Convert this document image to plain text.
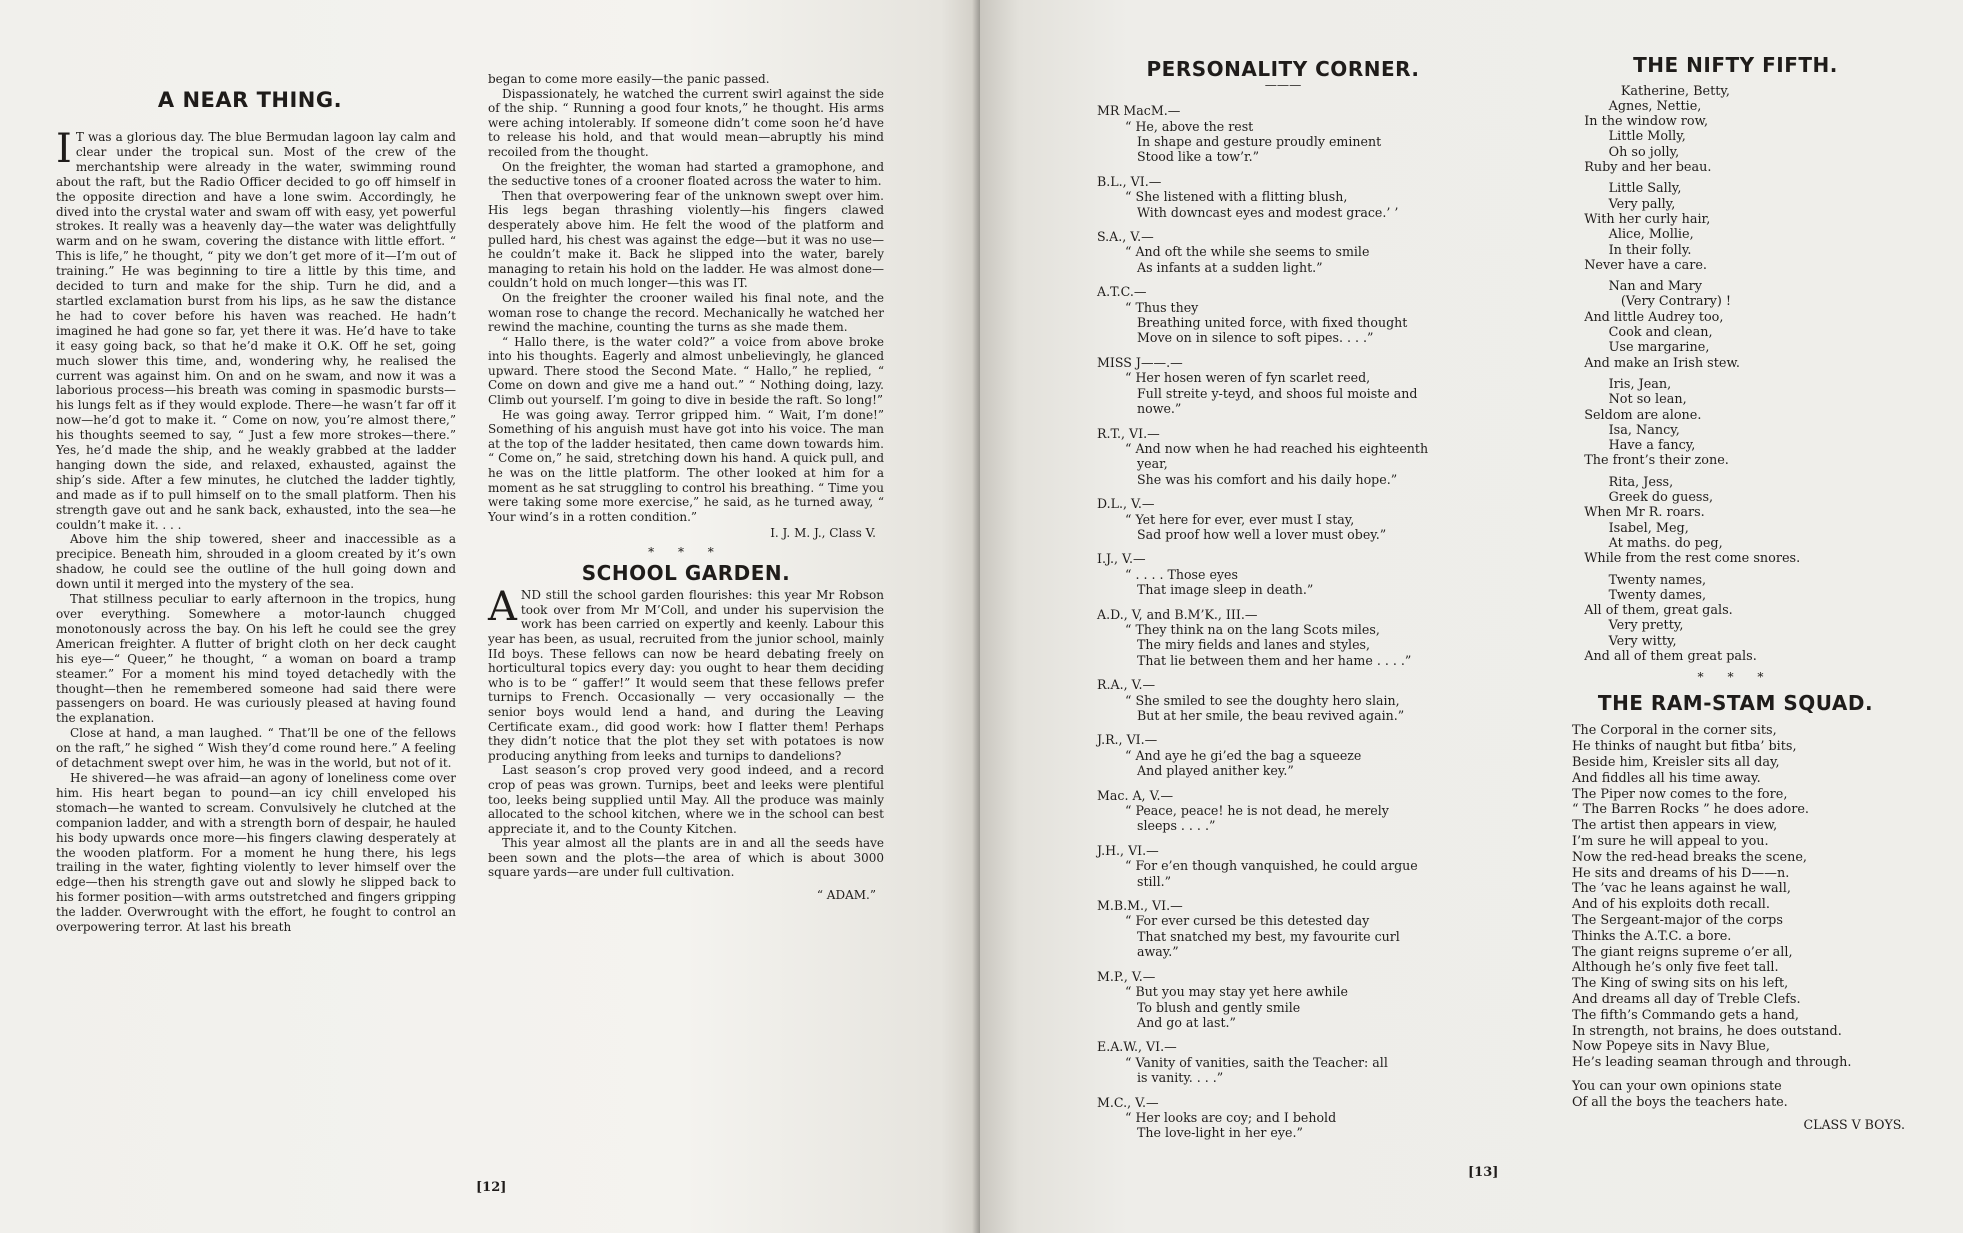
A NEAR THING.
I T was a glorious day. The blue Bermudan lagoon lay calm and clear under the tropical sun. Most of the crew of the merchantship were already in the water, swimming round about the raft, but the Radio Officer decided to go off himself in the opposite direction and have a lone swim. Accordingly, he dived into the crystal water and swam off with easy, yet powerful strokes. It really was a heavenly day—the water was delightfully warm and on he swam, covering the distance with little effort. “ This is life,” he thought, “ pity we don’t get more of it—I’m out of training.” He was beginning to tire a little by this time, and decided to turn and make for the ship. Turn he did, and a startled exclamation burst from his lips, as he saw the distance he had to cover before his haven was reached. He hadn’t imagined he had gone so far, yet there it was. He’d have to take it easy going back, so that he’d make it O.K. Off he set, going much slower this time, and, wondering why, he realised the current was against him. On and on he swam, and now it was a laborious process—his breath was coming in spasmodic bursts—his lungs felt as if they would explode. There—he wasn’t far off it now—he’d got to make it. “ Come on now, you’re almost there,” his thoughts seemed to say, “ Just a few more strokes—there.” Yes, he’d made the ship, and he weakly grabbed at the ladder hanging down the side, and relaxed, exhausted, against the ship’s side. After a few minutes, he clutched the ladder tightly, and made as if to pull himself on to the small platform. Then his strength gave out and he sank back, exhausted, into the sea—he couldn’t make it. . . .

Above him the ship towered, sheer and inaccessible as a precipice. Beneath him, shrouded in a gloom created by it’s own shadow, he could see the outline of the hull going down and down until it merged into the mystery of the sea.

That stillness peculiar to early afternoon in the tropics, hung over everything. Somewhere a motor-launch chugged monotonously across the bay. On his left he could see the grey American freighter. A flutter of bright cloth on her deck caught his eye—“ Queer,” he thought, “ a woman on board a tramp steamer.” For a moment his mind toyed detachedly with the thought—then he remembered someone had said there were passengers on board. He was curiously pleased at having found the explanation.

Close at hand, a man laughed. “ That’ll be one of the fellows on the raft,” he sighed “ Wish they’d come round here.” A feeling of detachment swept over him, he was in the world, but not of it.

He shivered—he was afraid—an agony of loneliness come over him. His heart began to pound—an icy chill enveloped his stomach—he wanted to scream. Convulsively he clutched at the companion ladder, and with a strength born of despair, he hauled his body upwards once more—his fingers clawing desperately at the wooden platform. For a moment he hung there, his legs trailing in the water, fighting violently to lever himself over the edge—then his strength gave out and slowly he slipped back to his former position—with arms outstretched and fingers gripping the ladder. Overwrought with the effort, he fought to control an overpowering terror. At last his breath

began to come more easily—the panic passed.

Dispassionately, he watched the current swirl against the side of the ship. “ Running a good four knots,” he thought. His arms were aching intolerably. If someone didn’t come soon he’d have to release his hold, and that would mean—abruptly his mind recoiled from the thought.

On the freighter, the woman had started a gramophone, and the seductive tones of a crooner floated across the water to him.

Then that overpowering fear of the unknown swept over him. His legs began thrashing violently—his fingers clawed desperately above him. He felt the wood of the platform and pulled hard, his chest was against the edge—but it was no use—he couldn’t make it. Back he slipped into the water, barely managing to retain his hold on the ladder. He was almost done—couldn’t hold on much longer—this was IT.

On the freighter the crooner wailed his final note, and the woman rose to change the record. Mechanically he watched her rewind the machine, counting the turns as she made them.

“ Hallo there, is the water cold?” a voice from above broke into his thoughts. Eagerly and almost unbelievingly, he glanced upward. There stood the Second Mate. “ Hallo,” he replied, “ Come on down and give me a hand out.” “ Nothing doing, lazy. Climb out yourself. I’m going to dive in beside the raft. So long!”

He was going away. Terror gripped him. “ Wait, I’m done!” Something of his anguish must have got into his voice. The man at the top of the ladder hesitated, then came down towards him. “ Come on,” he said, stretching down his hand. A quick pull, and he was on the little platform. The other looked at him for a moment as he sat struggling to control his breathing. “ Time you were taking some more exercise,” he said, as he turned away, “ Your wind’s in a rotten condition.”

I. J. M. J., Class V.
* * *
SCHOOL GARDEN.
A ND still the school garden flourishes: this year Mr Robson took over from Mr M’Coll, and under his supervision the work has been carried on expertly and keenly. Labour this year has been, as usual, recruited from the junior school, mainly IId boys. These fellows can now be heard debating freely on horticultural topics every day: you ought to hear them deciding who is to be “ gaffer!” It would seem that these fellows prefer turnips to French. Occasionally — very occasionally — the senior boys would lend a hand, and during the Leaving Certificate exam., did good work: how I flatter them! Perhaps they didn’t notice that the plot they set with potatoes is now producing anything from leeks and turnips to dandelions?

Last season’s crop proved very good indeed, and a record crop of peas was grown. Turnips, beet and leeks were plentiful too, leeks being supplied until May. All the produce was mainly allocated to the school kitchen, where we in the school can best appreciate it, and to the County Kitchen.

This year almost all the plants are in and all the seeds have been sown and the plots—the area of which is about 3000 square yards—are under full cultivation.

“ ADAM.”
[12]
PERSONALITY CORNER.
———

MR MacM.—

“ He, above the rest

In shape and gesture proudly eminent

Stood like a tow’r.”

B.L., VI.—

“ She listened with a flitting blush,

With downcast eyes and modest grace.’ ’

S.A., V.—

“ And oft the while she seems to smile

As infants at a sudden light.”

A.T.C.—

“ Thus they

Breathing united force, with fixed thought

Move on in silence to soft pipes. . . .”

MISS J——.—

“ Her hosen weren of fyn scarlet reed,

Full streite y-teyd, and shoos ful moiste and

nowe.”

R.T., VI.—

“ And now when he had reached his eighteenth

year,

She was his comfort and his daily hope.”

D.L., V.—

“ Yet here for ever, ever must I stay,

Sad proof how well a lover must obey.”

I.J., V.—

“ . . . . Those eyes

That image sleep in death.”

A.D., V, and B.M’K., III.—

“ They think na on the lang Scots miles,

The miry fields and lanes and styles,

That lie between them and her hame . . . .”

R.A., V.—

“ She smiled to see the doughty hero slain,

But at her smile, the beau revived again.”

J.R., VI.—

“ And aye he gi’ed the bag a squeeze

And played anither key.”

Mac. A, V.—

“ Peace, peace! he is not dead, he merely

sleeps . . . .”

J.H., VI.—

“ For e’en though vanquished, he could argue

still.”

M.B.M., VI.—

“ For ever cursed be this detested day

That snatched my best, my favourite curl

away.”

M.P., V.—

“ But you may stay yet here awhile

To blush and gently smile

And go at last.”

E.A.W., VI.—

“ Vanity of vanities, saith the Teacher: all

is vanity. . . .”

M.C., V.—

“ Her looks are coy; and I behold

The love-light in her eye.”

THE NIFTY FIFTH.

Katherine, Betty,

Agnes, Nettie,

In the window row,

Little Molly,

Oh so jolly,

Ruby and her beau.

Little Sally,

Very pally,

With her curly hair,

Alice, Mollie,

In their folly.

Never have a care.

Nan and Mary

(Very Contrary) !

And little Audrey too,

Cook and clean,

Use margarine,

And make an Irish stew.

Iris, Jean,

Not so lean,

Seldom are alone.

Isa, Nancy,

Have a fancy,

The front’s their zone.

Rita, Jess,

Greek do guess,

When Mr R. roars.

Isabel, Meg,

At maths. do peg,

While from the rest come snores.

Twenty names,

Twenty dames,

All of them, great gals.

Very pretty,

Very witty,

And all of them great pals.

* * *
THE RAM-STAM SQUAD.

The Corporal in the corner sits,

He thinks of naught but fitba’ bits,

Beside him, Kreisler sits all day,

And fiddles all his time away.

The Piper now comes to the fore,

“ The Barren Rocks ” he does adore.

The artist then appears in view,

I’m sure he will appeal to you.

Now the red-head breaks the scene,

He sits and dreams of his D——n.

The ’vac he leans against he wall,

And of his exploits doth recall.

The Sergeant-major of the corps

Thinks the A.T.C. a bore.

The giant reigns supreme o’er all,

Although he’s only five feet tall.

The King of swing sits on his left,

And dreams all day of Treble Clefs.

The fifth’s Commando gets a hand,

In strength, not brains, he does outstand.

Now Popeye sits in Navy Blue,

He’s leading seaman through and through.

You can your own opinions state

Of all the boys the teachers hate.

CLASS V BOYS.
[13]
